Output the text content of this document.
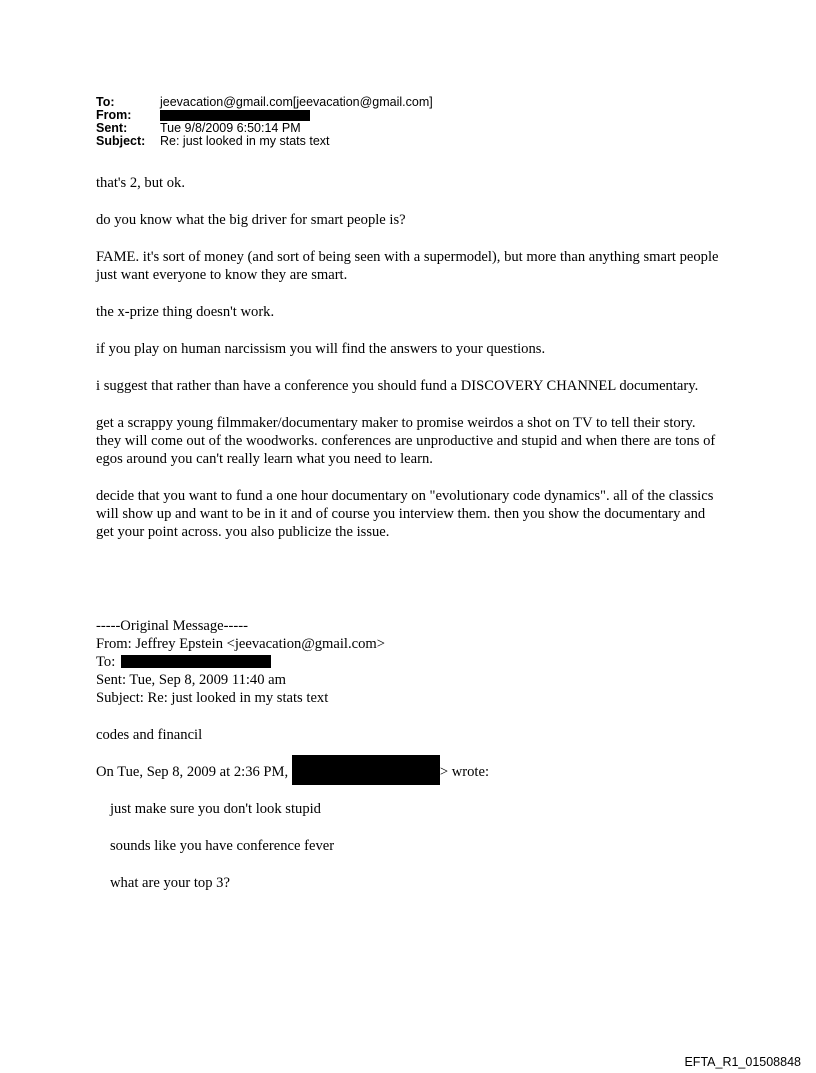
To:	jeevacation@gmail.com[jeevacation@gmail.com]
From:
Sent:	Tue 9/8/2009 6:50:14 PM
Subject:	Re: just looked in my stats text

that's 2, but ok.

do you know what the big driver for smart people is?

FAME. it's sort of money (and sort of being seen with a supermodel), but more than anything smart people just want everyone to know they are smart.

the x-prize thing doesn't work.

if you play on human narcissism you will find the answers to your questions.

i suggest that rather than have a conference you should fund a DISCOVERY CHANNEL documentary.

get a scrappy young filmmaker/documentary maker to promise weirdos a shot on TV to tell their story. they will come out of the woodworks. conferences are unproductive and stupid and when there are tons of egos around you can't really learn what you need to learn.

decide that you want to fund a one hour documentary on "evolutionary code dynamics". all of the classics will show up and want to be in it and of course you interview them. then you show the documentary and get your point across. you also publicize the issue.

-----Original Message-----
From: Jeffrey Epstein <jeevacation@gmail.com>
To:
Sent: Tue, Sep 8, 2009 11:40 am
Subject: Re: just looked in my stats text
codes and financil
On Tue, Sep 8, 2009 at 2:36 PM,	> wrote:
just make sure you don't look stupid
sounds like you have conference fever
what are your top 3?
EFTA_R1_01508848
